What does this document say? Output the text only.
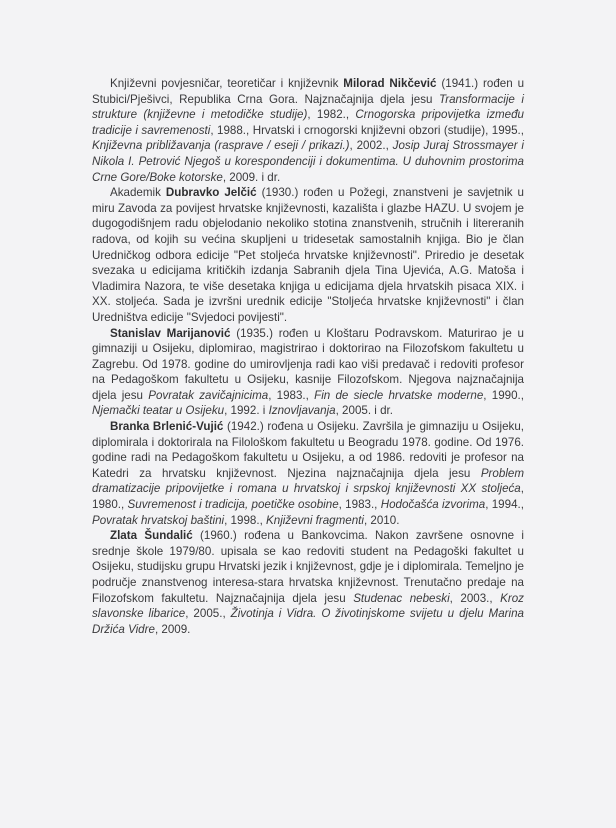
Književni povjesničar, teoretičar i književnik Milorad Nikčević (1941.) rođen u Stubici/Pješivci, Republika Crna Gora. Najznačajnija djela jesu Transformacije i strukture (književne i metodičke studije), 1982., Crnogorska pripovijetka između tradicije i savremenosti, 1988., Hrvatski i crnogorski književni obzori (studije), 1995., Književna približavanja (rasprave / eseji / prikazi.), 2002., Josip Juraj Strossmayer i Nikola I. Petrović Njegoš u korespondenciji i dokumentima. U duhovnim prostorima Crne Gore/Boke kotorske, 2009. i dr.

Akademik Dubravko Jelčić (1930.) rođen u Požegi, znanstveni je savjetnik u miru Zavoda za povijest hrvatske književnosti, kazališta i glazbe HAZU. U svojem je dugogodišnjem radu objelodanio nekoliko stotina znanstvenih, stručnih i litereranih radova, od kojih su većina skupljeni u tridesetak samostalnih knjiga. Bio je član Uredničkog odbora edicije "Pet stoljeća hrvatske književnosti". Priredio je desetak svezaka u edicijama kritičkih izdanja Sabranih djela Tina Ujevića, A.G. Matoša i Vladimira Nazora, te više desetaka knjiga u edicijama djela hrvatskih pisaca XIX. i XX. stoljeća. Sada je izvršni urednik edicije "Stoljeća hrvatske književnosti" i član Uredništva edicije "Svjedoci povijesti".

Stanislav Marijanović (1935.) rođen u Kloštaru Podravskom. Maturirao je u gimnaziji u Osijeku, diplomirao, magistrirao i doktorirao na Filozofskom fakultetu u Zagrebu. Od 1978. godine do umirovljenja radi kao viši predavač i redoviti profesor na Pedagoškom fakultetu u Osijeku, kasnije Filozofskom. Njegova najznačajnija djela jesu Povratak zavičajnicima, 1983., Fin de siecle hrvatske moderne, 1990., Njemački teatar u Osijeku, 1992. i Iznovljavanja, 2005. i dr.

Branka Brlenić-Vujić (1942.) rođena u Osijeku. Završila je gimnaziju u Osijeku, diplomirala i doktorirala na Filološkom fakultetu u Beogradu 1978. godine. Od 1976. godine radi na Pedagoškom fakultetu u Osijeku, a od 1986. redoviti je profesor na Katedri za hrvatsku književnost. Njezina najznačajnija djela jesu Problem dramatizacije pripovijetke i romana u hrvatskoj i srpskoj književnosti XX stoljeća, 1980., Suvremenost i tradicija, poetičke osobine, 1983., Hodočašća izvorima, 1994., Povratak hrvatskoj baštini, 1998., Književni fragmenti, 2010.

Zlata Šundalić (1960.) rođena u Bankovcima. Nakon završene osnovne i srednje škole 1979/80. upisala se kao redoviti student na Pedagoški fakultet u Osijeku, studijsku grupu Hrvatski jezik i književnost, gdje je i diplomirala. Temeljno je područje znanstvenog interesa-stara hrvatska književnost. Trenutačno predaje na Filozofskom fakultetu. Najznačajnija djela jesu Studenac nebeski, 2003., Kroz slavonske libarice, 2005., Životinja i Vidra. O životinjskome svijetu u djelu Marina Držića Vidre, 2009.
